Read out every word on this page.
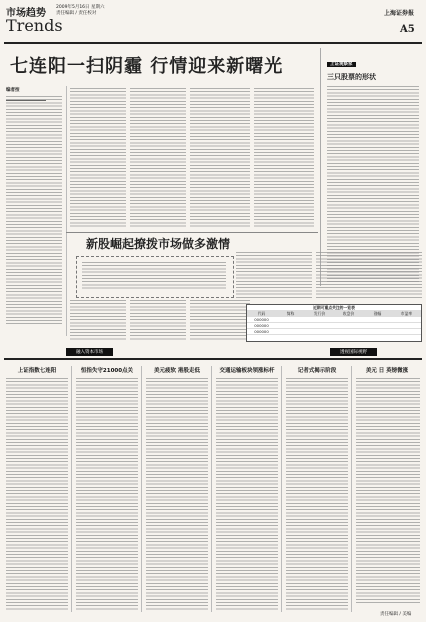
市场趋势
Trends
2009年5月16日 星期六
责任编辑 / 责任校对	上海证券报
A5
七连阳一扫阴霾 行情迎来新曙光
编者按
上证观察家
三只股票的形状
新股崛起撩拨市场做多激情
近期可重点关注的一览表
代码	简称	发行价	收盘价	涨幅	市盈率
000000
000000
000000
融入资本市场	透视国际视野
上证指数七连阳	恒指失守21000点关	美元疲软 港股走低	交通运输板块领涨标杆	记者式揭示阶段	美元 日 英镑微涨
责任编辑 / 美编
